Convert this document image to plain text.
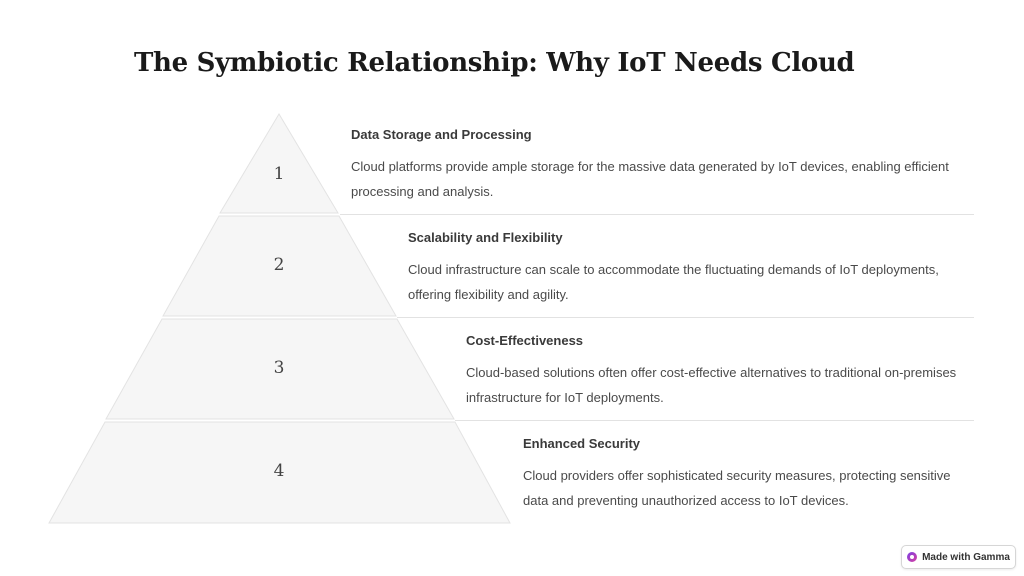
The Symbiotic Relationship: Why IoT Needs Cloud
1
2
3
4

Data Storage and Processing

Cloud platforms provide ample storage for the massive data generated by IoT devices, enabling efficient processing and analysis.

Scalability and Flexibility

Cloud infrastructure can scale to accommodate the fluctuating demands of IoT deployments, offering flexibility and agility.

Cost-Effectiveness

Cloud-based solutions often offer cost-effective alternatives to traditional on-premises infrastructure for IoT deployments.

Enhanced Security

Cloud providers offer sophisticated security measures, protecting sensitive data and preventing unauthorized access to IoT devices.

Made with Gamma
